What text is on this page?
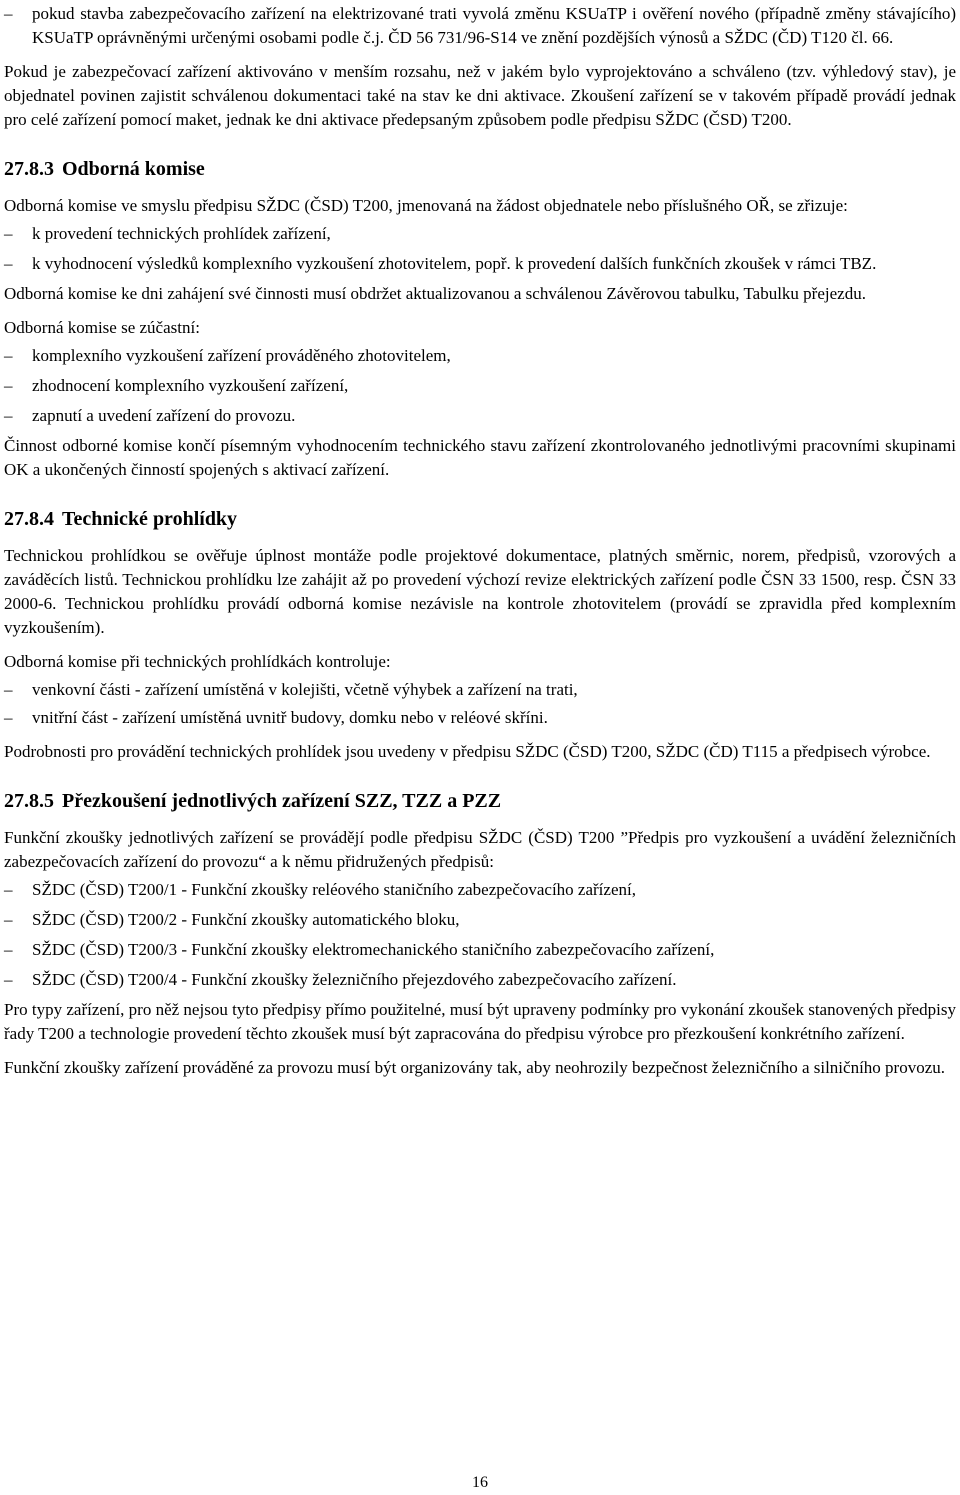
– pokud stavba zabezpečovacího zařízení na elektrizované trati vyvolá změnu KSUaTP i ověření nového (případně změny stávajícího) KSUaTP oprávněnými určenými osobami podle č.j. ČD 56 731/96-S14 ve znění pozdějších výnosů a SŽDC (ČD) T120 čl. 66.

Pokud je zabezpečovací zařízení aktivováno v menším rozsahu, než v jakém bylo vyprojektováno a schváleno (tzv. výhledový stav), je objednatel povinen zajistit schválenou dokumentaci také na stav ke dni aktivace. Zkoušení zařízení se v takovém případě provádí jednak pro celé zařízení pomocí maket, jednak ke dni aktivace předepsaným způsobem podle předpisu SŽDC (ČSD) T200.

27.8.3 Odborná komise

Odborná komise ve smyslu předpisu SŽDC (ČSD) T200, jmenovaná na žádost objednatele nebo příslušného OŘ, se zřizuje:

– k provedení technických prohlídek zařízení,
– k vyhodnocení výsledků komplexního vyzkoušení zhotovitelem, popř. k provedení dalších funkčních zkoušek v rámci TBZ.

Odborná komise ke dni zahájení své činnosti musí obdržet aktualizovanou a schválenou Závěrovou tabulku, Tabulku přejezdu.

Odborná komise se zúčastní:

– komplexního vyzkoušení zařízení prováděného zhotovitelem,
– zhodnocení komplexního vyzkoušení zařízení,
– zapnutí a uvedení zařízení do provozu.

Činnost odborné komise končí písemným vyhodnocením technického stavu zařízení zkontrolovaného jednotlivými pracovními skupinami OK a ukončených činností spojených s aktivací zařízení.

27.8.4 Technické prohlídky

Technickou prohlídkou se ověřuje úplnost montáže podle projektové dokumentace, platných směrnic, norem, předpisů, vzorových a zaváděcích listů. Technickou prohlídku lze zahájit až po provedení výchozí revize elektrických zařízení podle ČSN 33 1500, resp. ČSN 33 2000-6. Technickou prohlídku provádí odborná komise nezávisle na kontrole zhotovitelem (provádí se zpravidla před komplexním vyzkoušením).

Odborná komise při technických prohlídkách kontroluje:

– venkovní části - zařízení umístěná v kolejišti, včetně výhybek a zařízení na trati,
– vnitřní část - zařízení umístěná uvnitř budovy, domku nebo v reléové skříni.

Podrobnosti pro provádění technických prohlídek jsou uvedeny v předpisu SŽDC (ČSD) T200, SŽDC (ČD) T115 a předpisech výrobce.

27.8.5 Přezkoušení jednotlivých zařízení SZZ, TZZ a PZZ

Funkční zkoušky jednotlivých zařízení se provádějí podle předpisu SŽDC (ČSD) T200 ”Předpis pro vyzkoušení a uvádění železničních zabezpečovacích zařízení do provozu“ a k němu přidružených předpisů:

– SŽDC (ČSD) T200/1 - Funkční zkoušky reléového staničního zabezpečovacího zařízení,
– SŽDC (ČSD) T200/2 - Funkční zkoušky automatického bloku,
– SŽDC (ČSD) T200/3 - Funkční zkoušky elektromechanického staničního zabezpečovacího zařízení,
– SŽDC (ČSD) T200/4 - Funkční zkoušky železničního přejezdového zabezpečovacího zařízení.

Pro typy zařízení, pro něž nejsou tyto předpisy přímo použitelné, musí být upraveny podmínky pro vykonání zkoušek stanovených předpisy řady T200 a technologie provedení těchto zkoušek musí být zapracována do předpisu výrobce pro přezkoušení konkrétního zařízení.

Funkční zkoušky zařízení prováděné za provozu musí být organizovány tak, aby neohrozily bezpečnost železničního a silničního provozu.

16
